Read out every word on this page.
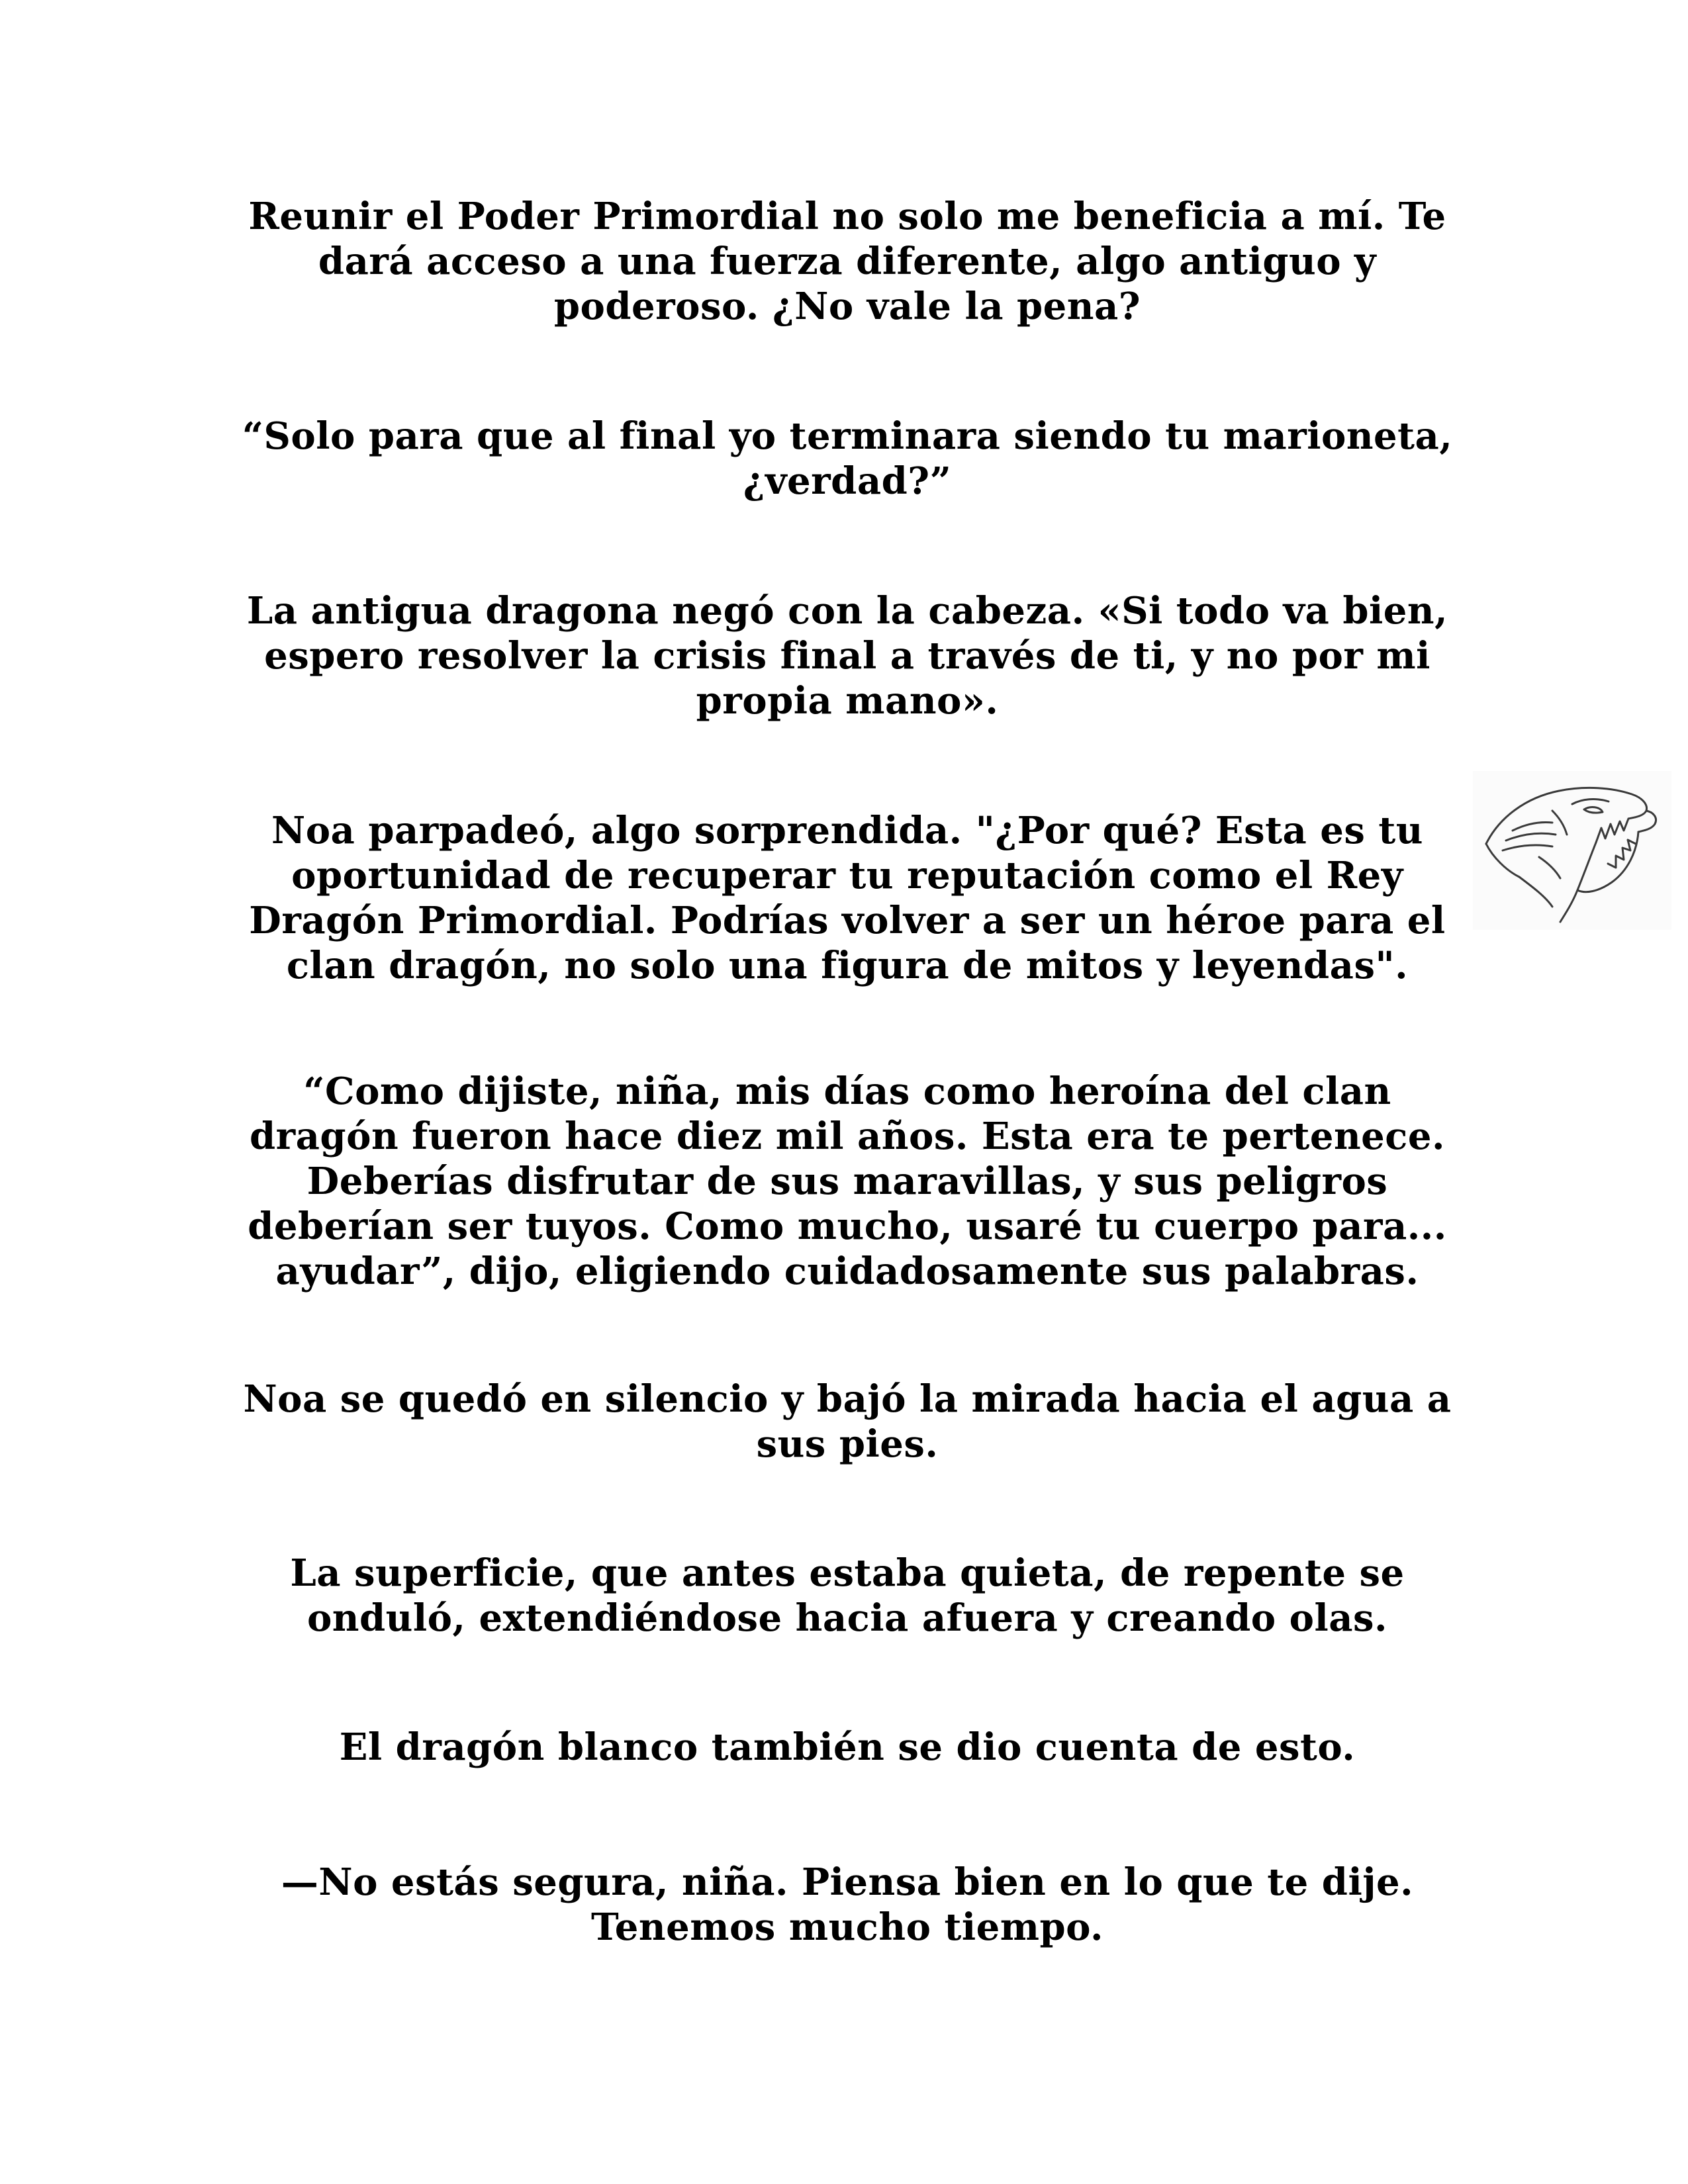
Reunir el Poder Primordial no solo me beneficia a mí. Te dará acceso a una fuerza diferente, algo antiguo y poderoso. ¿No vale la pena?

“Solo para que al final yo terminara siendo tu marioneta, ¿verdad?”

La antigua dragona negó con la cabeza. «Si todo va bien, espero resolver la crisis final a través de ti, y no por mi propia mano».

Noa parpadeó, algo sorprendida. "¿Por qué? Esta es tu oportunidad de recuperar tu reputación como el Rey Dragón Primordial. Podrías volver a ser un héroe para el clan dragón, no solo una figura de mitos y leyendas".

“Como dijiste, niña, mis días como heroína del clan dragón fueron hace diez mil años. Esta era te pertenece. Deberías disfrutar de sus maravillas, y sus peligros deberían ser tuyos. Como mucho, usaré tu cuerpo para... ayudar”, dijo, eligiendo cuidadosamente sus palabras.

Noa se quedó en silencio y bajó la mirada hacia el agua a sus pies.

La superficie, que antes estaba quieta, de repente se onduló, extendiéndose hacia afuera y creando olas.

El dragón blanco también se dio cuenta de esto.

—No estás segura, niña. Piensa bien en lo que te dije. Tenemos mucho tiempo.
